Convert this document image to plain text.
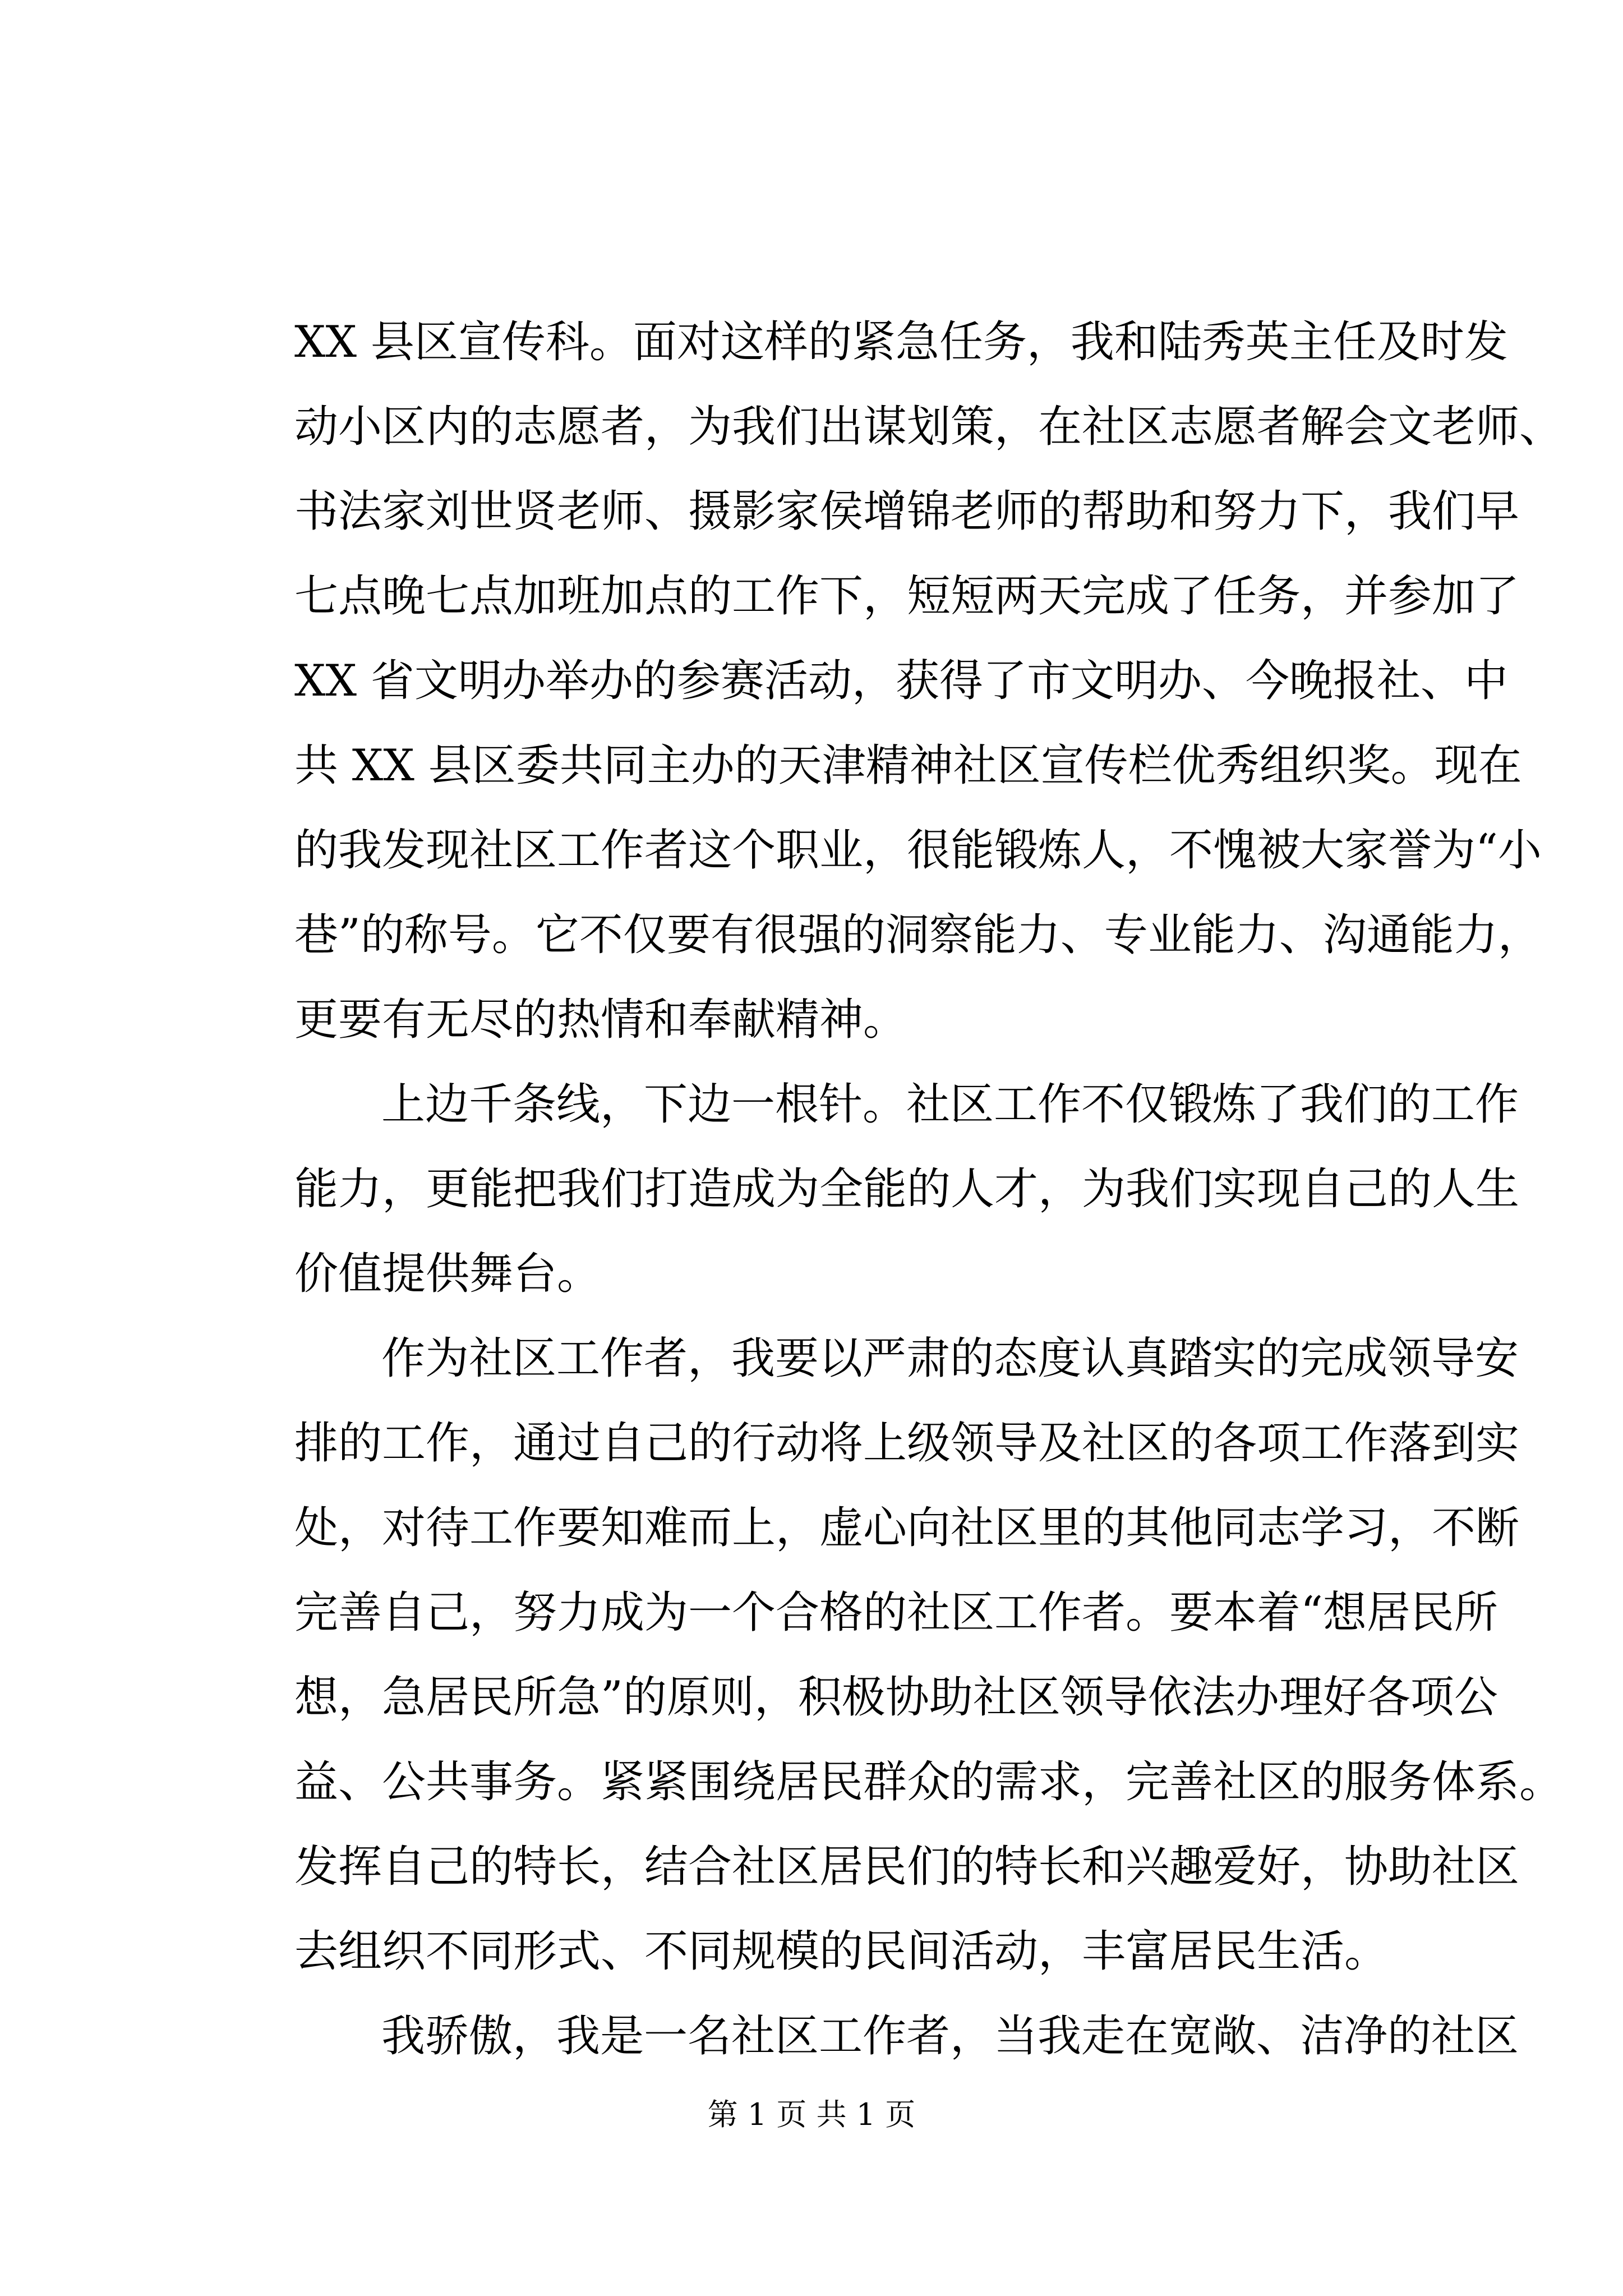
XX 县区宣传科。面对这样的紧急任务，我和陆秀英主任及时发
动小区内的志愿者，为我们出谋划策，在社区志愿者解会文老师、
书法家刘世贤老师、摄影家侯增锦老师的帮助和努力下，我们早
七点晚七点加班加点的工作下，短短两天完成了任务，并参加了
XX 省文明办举办的参赛活动，获得了市文明办、今晚报社、中
共 XX 县区委共同主办的天津精神社区宣传栏优秀组织奖。现在
的我发现社区工作者这个职业，很能锻炼人，不愧被大家誉为“小
巷”的称号。它不仅要有很强的洞察能力、专业能力、沟通能力，
更要有无尽的热情和奉献精神。
上边千条线，下边一根针。社区工作不仅锻炼了我们的工作
能力，更能把我们打造成为全能的人才，为我们实现自己的人生
价值提供舞台。
作为社区工作者，我要以严肃的态度认真踏实的完成领导安
排的工作，通过自己的行动将上级领导及社区的各项工作落到实
处，对待工作要知难而上，虚心向社区里的其他同志学习，不断
完善自己，努力成为一个合格的社区工作者。要本着“想居民所
想，急居民所急”的原则，积极协助社区领导依法办理好各项公
益、公共事务。紧紧围绕居民群众的需求，完善社区的服务体系。
发挥自己的特长，结合社区居民们的特长和兴趣爱好，协助社区
去组织不同形式、不同规模的民间活动，丰富居民生活。
我骄傲，我是一名社区工作者，当我走在宽敞、洁净的社区
第 1 页 共 1 页
